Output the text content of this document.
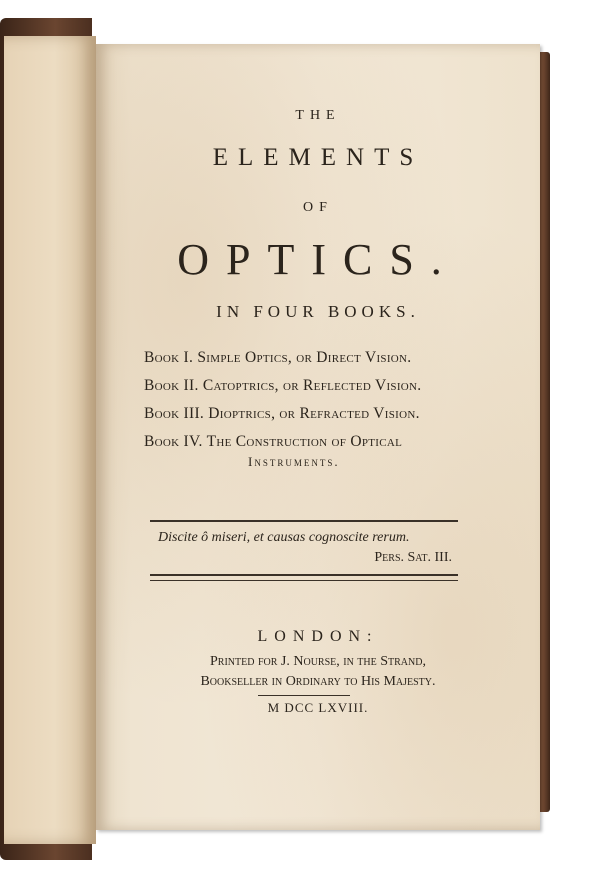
THE
ELEMENTS
OF
OPTICS.
IN FOUR BOOKS.
Book I. Simple Optics, or Direct Vision.
Book II. Catoptrics, or Reflected Vision.
Book III. Dioptrics, or Refracted Vision.
Book IV. The Construction of Optical
Instruments.
Discite ô miseri, et causas cognoscite rerum.
Pers. Sat. III.
LONDON:
Printed for J. Nourse, in the Strand,
Bookseller in Ordinary to His Majesty.
M DCC LXVIII.
